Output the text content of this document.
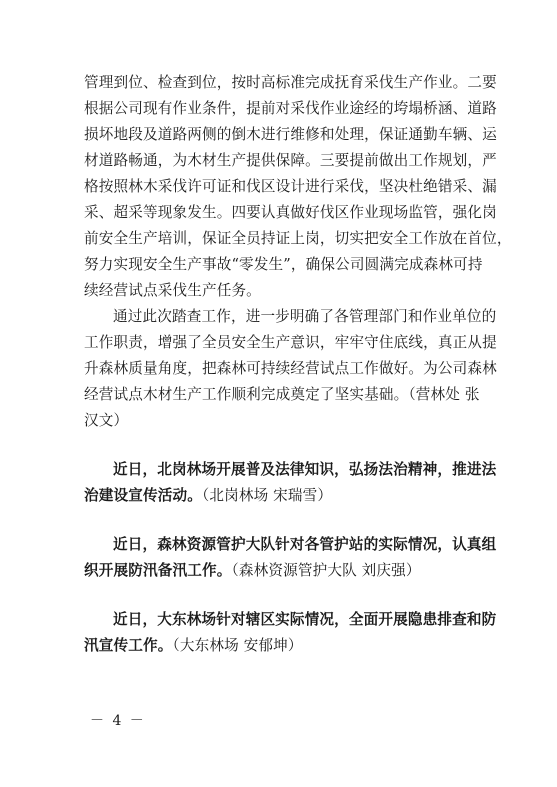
管理到位、检查到位，按时高标准完成抚育采伐生产作业。二要
根据公司现有作业条件，提前对采伐作业途经的垮塌桥涵、道路
损坏地段及道路两侧的倒木进行维修和处理，保证通勤车辆、运
材道路畅通，为木材生产提供保障。三要提前做出工作规划，严
格按照林木采伐许可证和伐区设计进行采伐，坚决杜绝错采、漏
采、超采等现象发生。四要认真做好伐区作业现场监管，强化岗
前安全生产培训，保证全员持证上岗，切实把安全工作放在首位，
努力实现安全生产事故“零发生”，确保公司圆满完成森林可持
续经营试点采伐生产任务。
通过此次踏查工作，进一步明确了各管理部门和作业单位的
工作职责，增强了全员安全生产意识，牢牢守住底线，真正从提
升森林质量角度，把森林可持续经营试点工作做好。为公司森林
经营试点木材生产工作顺利完成奠定了坚实基础。（营林处 张
汉文）
近日，北岗林场开展普及法律知识，弘扬法治精神，推进法
治建设宣传活动。（北岗林场 宋瑞雪）
近日，森林资源管护大队针对各管护站的实际情况，认真组
织开展防汛备汛工作。（森林资源管护大队 刘庆强）
近日，大东林场针对辖区实际情况，全面开展隐患排查和防
汛宣传工作。（大东林场 安郁坤）
－ 4 －
